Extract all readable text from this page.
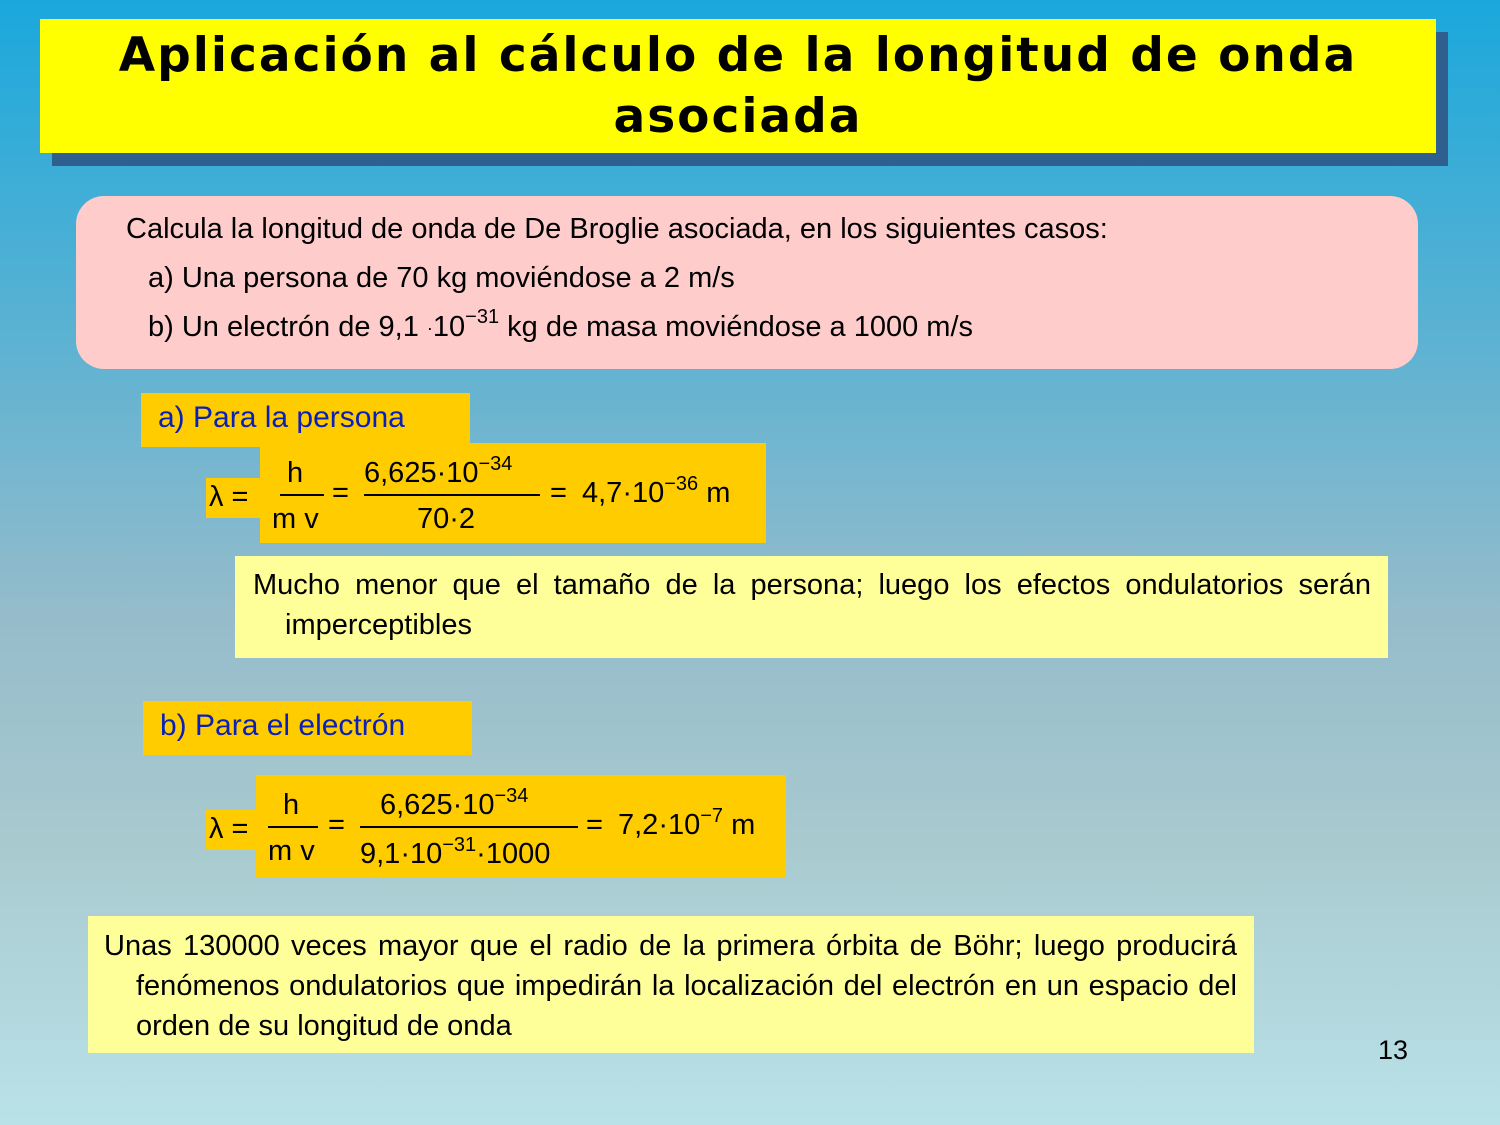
Aplicación al cálculo de la longitud de onda asociada
Calcula la longitud de onda de De Broglie asociada, en los siguientes casos:
a) Una persona de 70 kg moviéndose a 2 m/s
b) Un electrón de $9,1 \cdot 10^{-31}$ kg de masa moviéndose a 1000 m/s
a) Para la persona
λ =
h
m v
=
$6,625\cdot 10^{-34}$
70·2
= $4,7\cdot 10^{-36}$ m
Mucho menor que el tamaño de la persona; luego los efectos ondulatorios serán imperceptibles
b) Para el electrón
λ =
h
m v
=
$6,625\cdot 10^{-34}$
$9,1\cdot 10^{-31}\cdot 1000$
= $7,2\cdot 10^{-7}$ m
Unas 130000 veces mayor que el radio de la primera órbita de Böhr; luego producirá fenómenos ondulatorios que impedirán la localización del electrón en un espacio del orden de su longitud de onda
13
